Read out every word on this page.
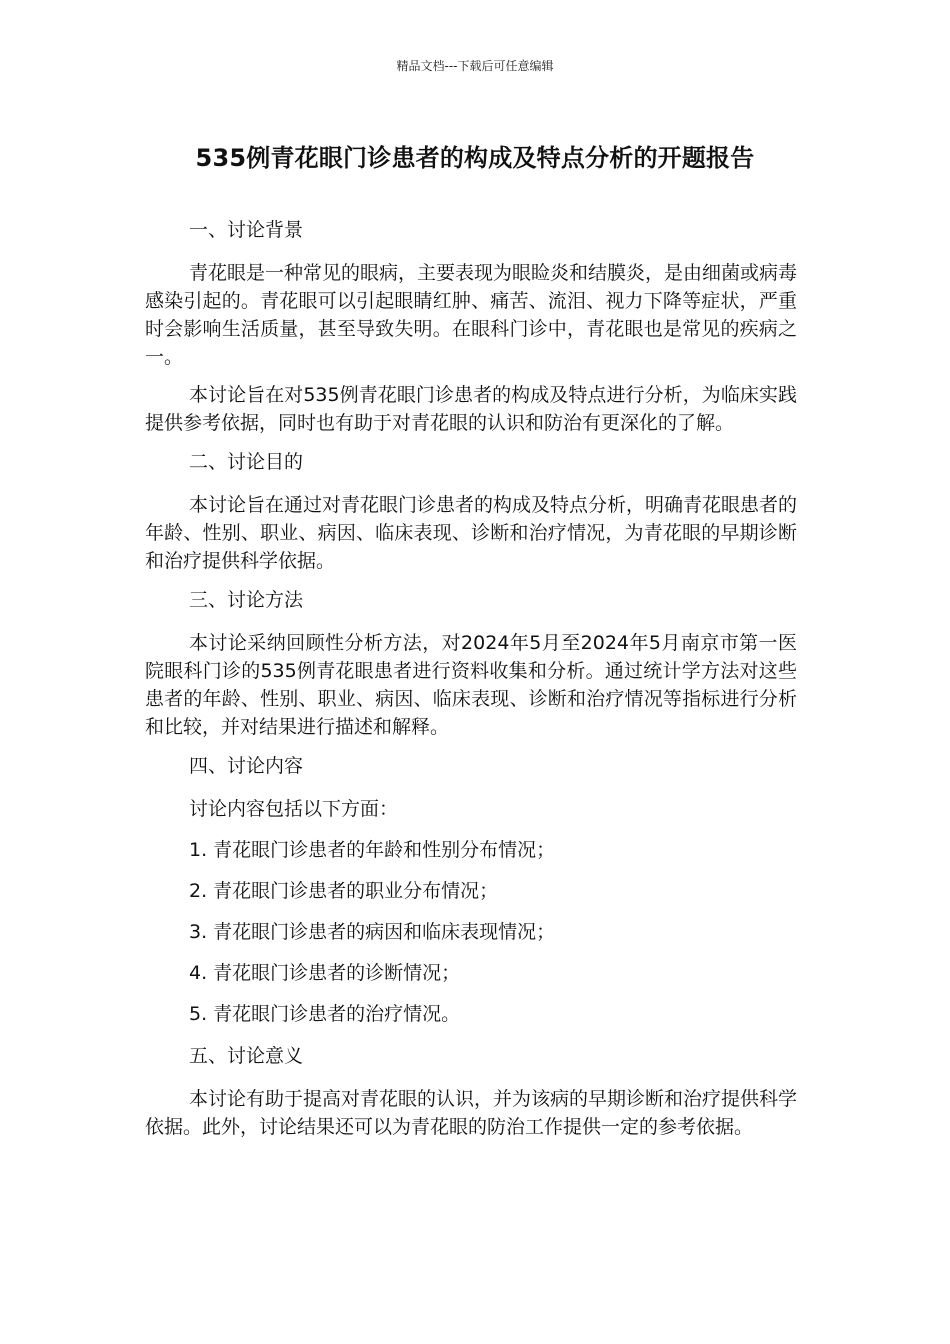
精品文档---下载后可任意编辑
535例青花眼门诊患者的构成及特点分析的开题报告

一、讨论背景

青花眼是一种常见的眼病，主要表现为眼睑炎和结膜炎，是由细菌或病毒感染引起的。青花眼可以引起眼睛红肿、痛苦、流泪、视力下降等症状，严重时会影响生活质量，甚至导致失明。在眼科门诊中，青花眼也是常见的疾病之一。

本讨论旨在对535例青花眼门诊患者的构成及特点进行分析，为临床实践提供参考依据，同时也有助于对青花眼的认识和防治有更深化的了解。

二、讨论目的

本讨论旨在通过对青花眼门诊患者的构成及特点分析，明确青花眼患者的年龄、性别、职业、病因、临床表现、诊断和治疗情况，为青花眼的早期诊断和治疗提供科学依据。

三、讨论方法

本讨论采纳回顾性分析方法，对2024年5月至2024年5月南京市第一医院眼科门诊的535例青花眼患者进行资料收集和分析。通过统计学方法对这些患者的年龄、性别、职业、病因、临床表现、诊断和治疗情况等指标进行分析和比较，并对结果进行描述和解释。

四、讨论内容

讨论内容包括以下方面：

1. 青花眼门诊患者的年龄和性别分布情况；

2. 青花眼门诊患者的职业分布情况；

3. 青花眼门诊患者的病因和临床表现情况；

4. 青花眼门诊患者的诊断情况；

5. 青花眼门诊患者的治疗情况。

五、讨论意义

本讨论有助于提高对青花眼的认识，并为该病的早期诊断和治疗提供科学依据。此外，讨论结果还可以为青花眼的防治工作提供一定的参考依据。
